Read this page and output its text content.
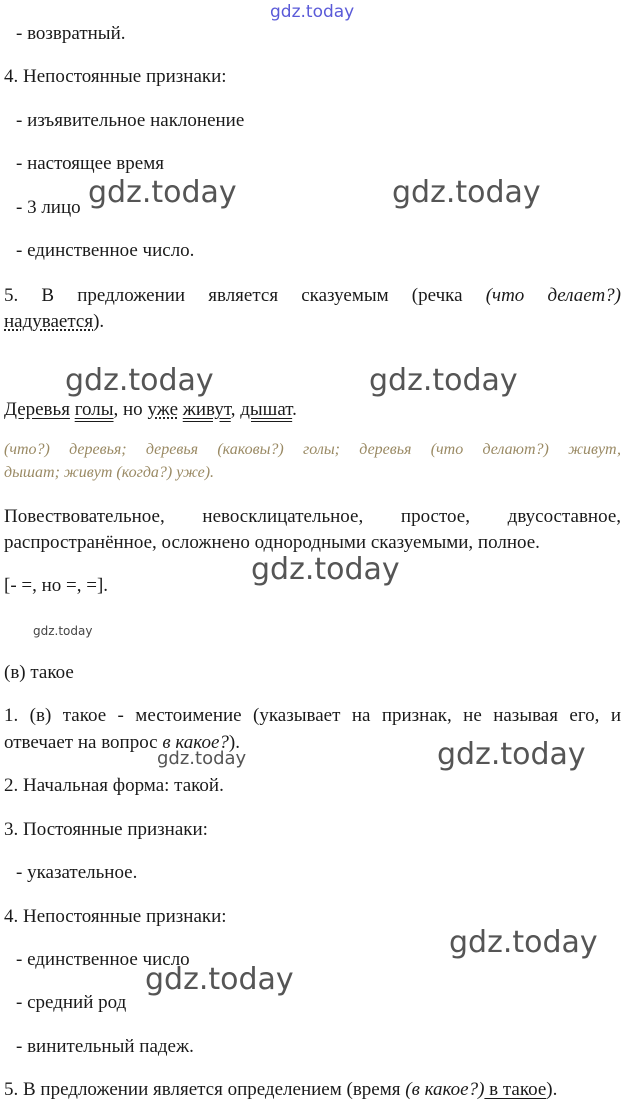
- возвратный.
4. Непостоянные признаки:
- изъявительное наклонение
- настоящее время
- 3 лицо
- единственное число.
5. В предложении является сказуемым (речка (что делает?)
надувается).
Деревья голы, но уже живут, дышат.
(что?) деревья; деревья (каковы?) голы; деревья (что делают?) живут,
дышат; живут (когда?) уже).
Повествовательное, невосклицательное, простое, двусоставное,
распространённое, осложнено однородными сказуемыми, полное.
[- =, но =, =].
(в) такое
1. (в) такое - местоимение (указывает на признак, не называя его, и
отвечает на вопрос в какое?).
2. Начальная форма: такой.
3. Постоянные признаки:
- указательное.
4. Непостоянные признаки:
- единственное число
- средний род
- винительный падеж.
5. В предложении является определением (время (в какое?) в такое).
gdz.today
gdz.today	gdz.today
gdz.today	gdz.today
gdz.today
gdz.today
gdz.today	gdz.today
gdz.today
gdz.today
